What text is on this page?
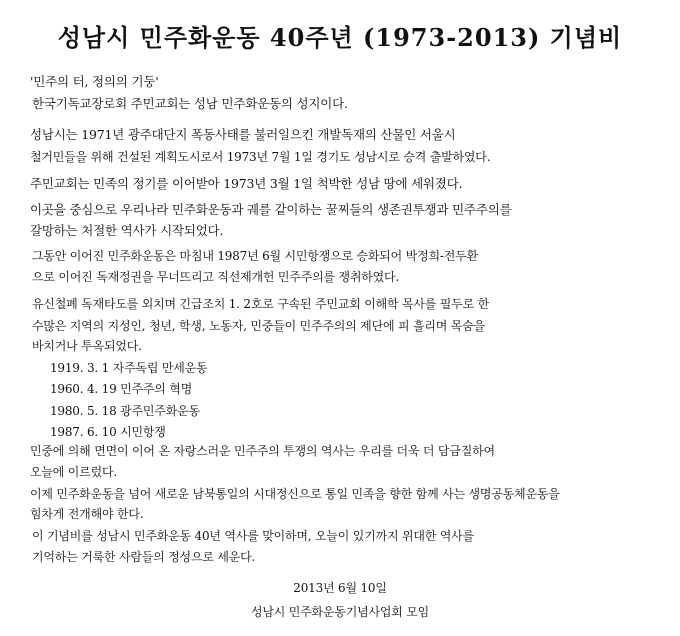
성남시 민주화운동 40주년 (1973-2013) 기념비
'민주의 터, 정의의 기둥'
한국기독교장로회 주민교회는 성남 민주화운동의 성지이다.
성남시는 1971년 광주대단지 폭동사태를 불러일으킨 개발독재의 산물인 서울시
철거민들을 위해 건설된 계획도시로서 1973년 7월 1일 경기도 성남시로 승격 출발하였다.
주민교회는 민족의 정기를 이어받아 1973년 3월 1일 척박한 성남 땅에 세워졌다.
이곳을 중심으로 우리나라 민주화운동과 궤를 같이하는 꿀찌들의 생존권투쟁과 민주주의를
갈망하는 처절한 역사가 시작되었다.
그동안 이어진 민주화운동은 마침내 1987년 6월 시민항쟁으로 승화되어 박정희-전두환
으로 이어진 독재정권을 무너뜨리고 직선제개헌 민주주의를 쟁취하였다.
유신철폐 독재타도를 외치며 긴급조치 1. 2호로 구속된 주민교회 이해학 목사를 필두로 한
수많은 지역의 지성인, 청년, 학생, 노동자, 민중들이 민주주의의 제단에 피 흘리며 목숨을
바치거나 투옥되었다.
1919. 3. 1 자주독립 만세운동
1960. 4. 19 민주주의 혁명
1980. 5. 18 광주민주화운동
1987. 6. 10 시민항쟁
민중에 의해 면면이 이어 온 자랑스러운 민주주의 투쟁의 역사는 우리를 더욱 더 담금질하여
오늘에 이르렀다.
이제 민주화운동을 넘어 새로운 남북통일의 시대정신으로 통일 민족을 향한 함께 사는 생명공동체운동을
힘차게 전개해야 한다.
이 기념비를 성남시 민주화운동 40년 역사를 맞이하며, 오늘이 있기까지 위대한 역사를
기억하는 거룩한 사람들의 정성으로 세운다.
2013년 6월 10일
성남시 민주화운동기념사업회 모임
